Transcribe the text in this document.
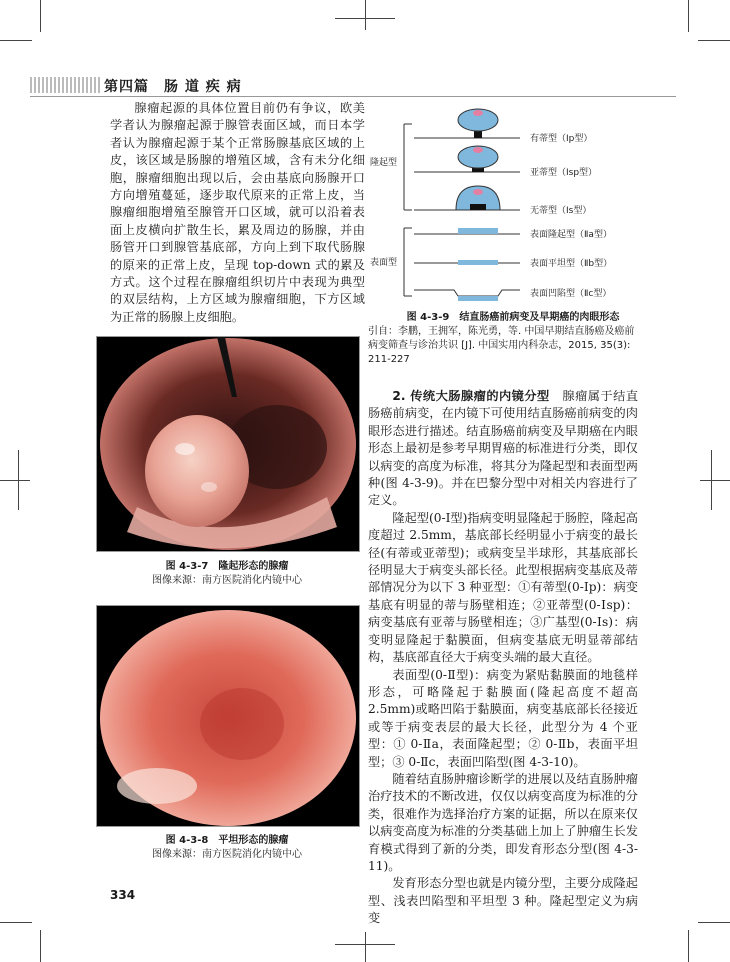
第四篇　肠 道 疾 病

腺瘤起源的具体位置目前仍有争议，欧美学者认为腺瘤起源于腺管表面区域，而日本学者认为腺瘤起源于某个正常肠腺基底区域的上皮，该区域是肠腺的增殖区域，含有未分化细胞，腺瘤细胞出现以后，会由基底向肠腺开口方向增殖蔓延，逐步取代原来的正常上皮，当腺瘤细胞增殖至腺管开口区域，就可以沿着表面上皮横向扩散生长，累及周边的肠腺，并由肠管开口到腺管基底部，方向上到下取代肠腺的原来的正常上皮，呈现 top-down 式的累及方式。这个过程在腺瘤组织切片中表现为典型的双层结构，上方区域为腺瘤细胞，下方区域为正常的肠腺上皮细胞。

图 4-3-7　隆起形态的腺瘤
图像来源：南方医院消化内镜中心
图 4-3-8　平坦形态的腺瘤
图像来源：南方医院消化内镜中心
隆起型
表面型
有蒂型（Ⅰp型）
亚蒂型（Ⅰsp型）
无蒂型（Ⅰs型）
表面隆起型（Ⅱa型）
表面平坦型（Ⅱb型）
表面凹陷型（Ⅱc型）
图 4-3-9　结直肠癌前病变及早期癌的肉眼形态
引自：李鹏，王拥军，陈光勇，等. 中国早期结直肠癌及癌前病变筛查与诊治共识 [J]. 中国实用内科杂志，2015, 35(3): 211-227

2. 传统大肠腺瘤的内镜分型　腺瘤属于结直肠癌前病变，在内镜下可使用结直肠癌前病变的肉眼形态进行描述。结直肠癌前病变及早期癌在内眼形态上最初是参考早期胃癌的标准进行分类，即仅以病变的高度为标准，将其分为隆起型和表面型两种(图 4-3-9)。并在巴黎分型中对相关内容进行了定义。

隆起型(0-Ⅰ型)指病变明显隆起于肠腔，隆起高度超过 2.5mm，基底部长经明显小于病变的最长径(有蒂或亚蒂型)；或病变呈半球形，其基底部长径明显大于病变头部长径。此型根据病变基底及蒂部情况分为以下 3 种亚型：①有蒂型(0-Ⅰp)：病变基底有明显的蒂与肠壁相连；②亚蒂型(0-Ⅰsp)：病变基底有亚蒂与肠壁相连；③广基型(0-Ⅰs)：病变明显隆起于黏膜面，但病变基底无明显蒂部结构，基底部直径大于病变头端的最大直径。

表面型(0-Ⅱ型)：病变为紧贴黏膜面的地毯样形态，可略隆起于黏膜面(隆起高度不超高 2.5mm)或略凹陷于黏膜面，病变基底部长径接近或等于病变表层的最大长径，此型分为 4 个亚型：① 0-Ⅱa，表面隆起型；② 0-Ⅱb，表面平坦型；③ 0-Ⅱc，表面凹陷型(图 4-3-10)。

随着结直肠肿瘤诊断学的进展以及结直肠肿瘤治疗技术的不断改进，仅仅以病变高度为标准的分类，很难作为选择治疗方案的证据，所以在原来仅以病变高度为标准的分类基础上加上了肿瘤生长发育模式得到了新的分类，即发育形态分型(图 4-3-11)。

发育形态分型也就是内镜分型，主要分成隆起型、浅表凹陷型和平坦型 3 种。隆起型定义为病变

334
